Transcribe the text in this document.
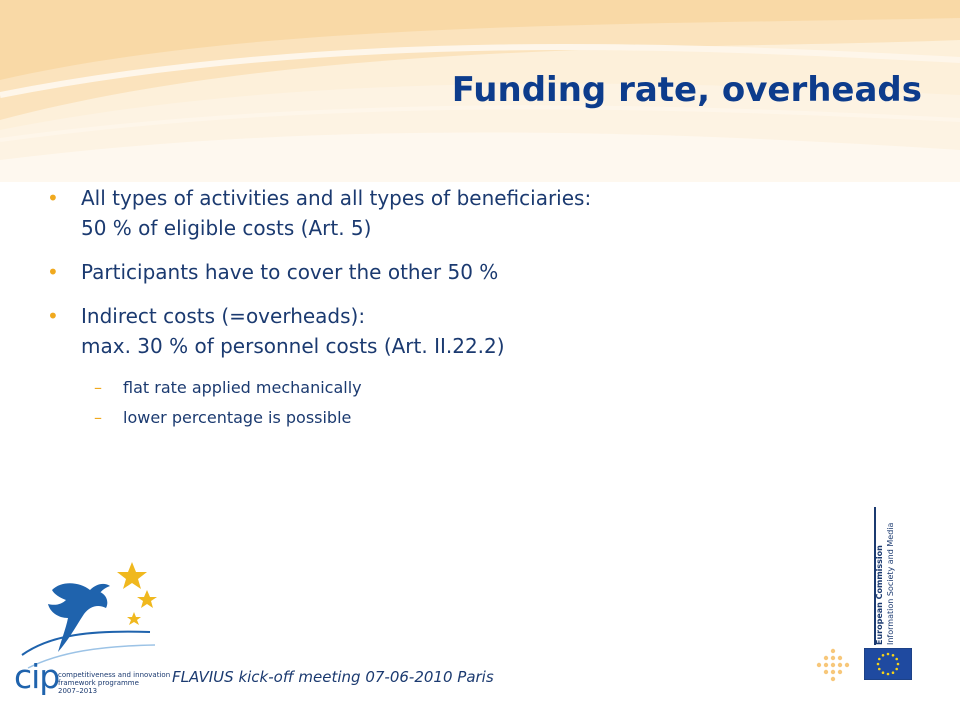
Funding rate, overheads
• All types of activities and all types of beneficiaries:
50 % of eligible costs (Art. 5)
• Participants have to cover the other 50 %
• Indirect costs (=overheads):
max. 30 % of personnel costs (Art. II.22.2)
– flat rate applied mechanically
– lower percentage is possible
cip
competitiveness and innovation
framework programme
2007–2013
FLAVIUS kick-off meeting 07-06-2010 Paris
European Commission Information Society and Media
